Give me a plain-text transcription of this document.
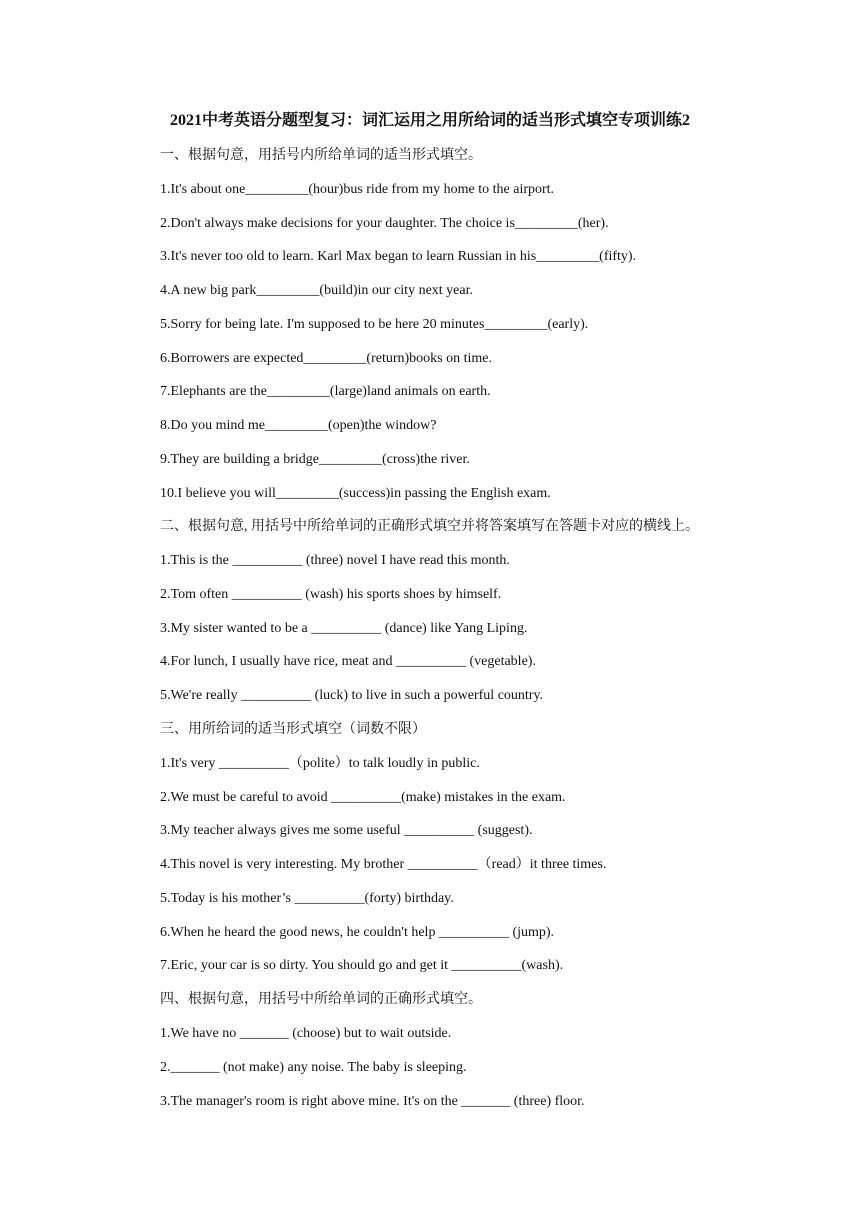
2021中考英语分题型复习：词汇运用之用所给词的适当形式填空专项训练2
一、根据句意，用括号内所给单词的适当形式填空。
1.It's about one_________(hour)bus ride from my home to the airport.
2.Don't always make decisions for your daughter. The choice is_________(her).
3.It's never too old to learn. Karl Max began to learn Russian in his_________(fifty).
4.A new big park_________(build)in our city next year.
5.Sorry for being late. I'm supposed to be here 20 minutes_________(early).
6.Borrowers are expected_________(return)books on time.
7.Elephants are the_________(large)land animals on earth.
8.Do you mind me_________(open)the window?
9.They are building a bridge_________(cross)the river.
10.I believe you will_________(success)in passing the English exam.
二、根据句意, 用括号中所给单词的正确形式填空并将答案填写在答题卡对应的横线上。
1.This is the __________ (three) novel I have read this month.
2.Tom often __________ (wash) his sports shoes by himself.
3.My sister wanted to be a __________ (dance) like Yang Liping.
4.For lunch, I usually have rice, meat and __________ (vegetable).
5.We're really __________ (luck) to live in such a powerful country.
三、用所给词的适当形式填空（词数不限）
1.It's very __________（polite）to talk loudly in public.
2.We must be careful to avoid __________(make) mistakes in the exam.
3.My teacher always gives me some useful __________ (suggest).
4.This novel is very interesting. My brother __________（read）it three times.
5.Today is his mother’s __________(forty) birthday.
6.When he heard the good news, he couldn't help __________ (jump).
7.Eric, your car is so dirty. You should go and get it __________(wash).
四、根据句意，用括号中所给单词的正确形式填空。
1.We have no _______ (choose) but to wait outside.
2._______ (not make) any noise. The baby is sleeping.
3.The manager's room is right above mine. It's on the _______ (three) floor.
